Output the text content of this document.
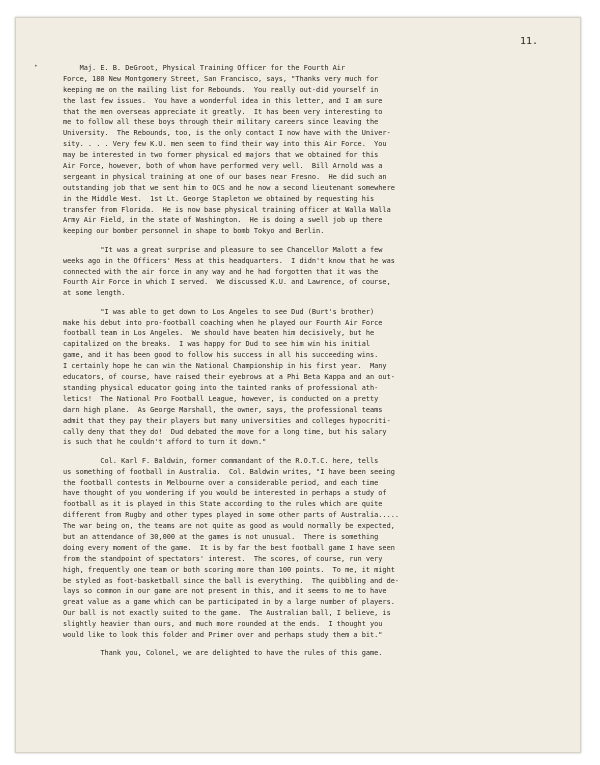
•
11.
Maj. E. B. DeGroot, Physical Training Officer for the Fourth Air
Force, 180 New Montgomery Street, San Francisco, says, "Thanks very much for
keeping me on the mailing list for Rebounds.  You really out-did yourself in
the last few issues.  You have a wonderful idea in this letter, and I am sure
that the men overseas appreciate it greatly.  It has been very interesting to
me to follow all these boys through their military careers since leaving the
University.  The Rebounds, too, is the only contact I now have with the Univer-
sity. . . . Very few K.U. men seem to find their way into this Air Force.  You
may be interested in two former physical ed majors that we obtained for this
Air Force, however, both of whom have performed very well.  Bill Arnold was a
sergeant in physical training at one of our bases near Fresno.  He did such an
outstanding job that we sent him to OCS and he now a second lieutenant somewhere
in the Middle West.  1st Lt. George Stapleton we obtained by requesting his
transfer from Florida.  He is now base physical training officer at Walla Walla
Army Air Field, in the state of Washington.  He is doing a swell job up there
keeping our bomber personnel in shape to bomb Tokyo and Berlin.
"It was a great surprise and pleasure to see Chancellor Malott a few
weeks ago in the Officers' Mess at this headquarters.  I didn't know that he was
connected with the air force in any way and he had forgotten that it was the
Fourth Air Force in which I served.  We discussed K.U. and Lawrence, of course,
at some length.
"I was able to get down to Los Angeles to see Dud (Burt's brother)
make his debut into pro-football coaching when he played our Fourth Air Force
football team in Los Angeles.  We should have beaten him decisively, but he
capitalized on the breaks.  I was happy for Dud to see him win his initial
game, and it has been good to follow his success in all his succeeding wins.
I certainly hope he can win the National Championship in his first year.  Many
educators, of course, have raised their eyebrows at a Phi Beta Kappa and an out-
standing physical educator going into the tainted ranks of professional ath-
letics!  The National Pro Football League, however, is conducted on a pretty
darn high plane.  As George Marshall, the owner, says, the professional teams
admit that they pay their players but many universities and colleges hypocriti-
cally deny that they do!  Dud debated the move for a long time, but his salary
is such that he couldn't afford to turn it down."
Col. Karl F. Baldwin, former commandant of the R.O.T.C. here, tells
us something of football in Australia.  Col. Baldwin writes, "I have been seeing
the football contests in Melbourne over a considerable period, and each time
have thought of you wondering if you would be interested in perhaps a study of
football as it is played in this State according to the rules which are quite
different from Rugby and other types played in some other parts of Australia.....
The war being on, the teams are not quite as good as would normally be expected,
but an attendance of 30,000 at the games is not unusual.  There is something
doing every moment of the game.  It is by far the best football game I have seen
from the standpoint of spectators' interest.  The scores, of course, run very
high, frequently one team or both scoring more than 100 points.  To me, it might
be styled as foot-basketball since the ball is everything.  The quibbling and de-
lays so common in our game are not present in this, and it seems to me to have
great value as a game which can be participated in by a large number of players.
Our ball is not exactly suited to the game.  The Australian ball, I believe, is
slightly heavier than ours, and much more rounded at the ends.  I thought you
would like to look this folder and Primer over and perhaps study them a bit."
Thank you, Colonel, we are delighted to have the rules of this game.
